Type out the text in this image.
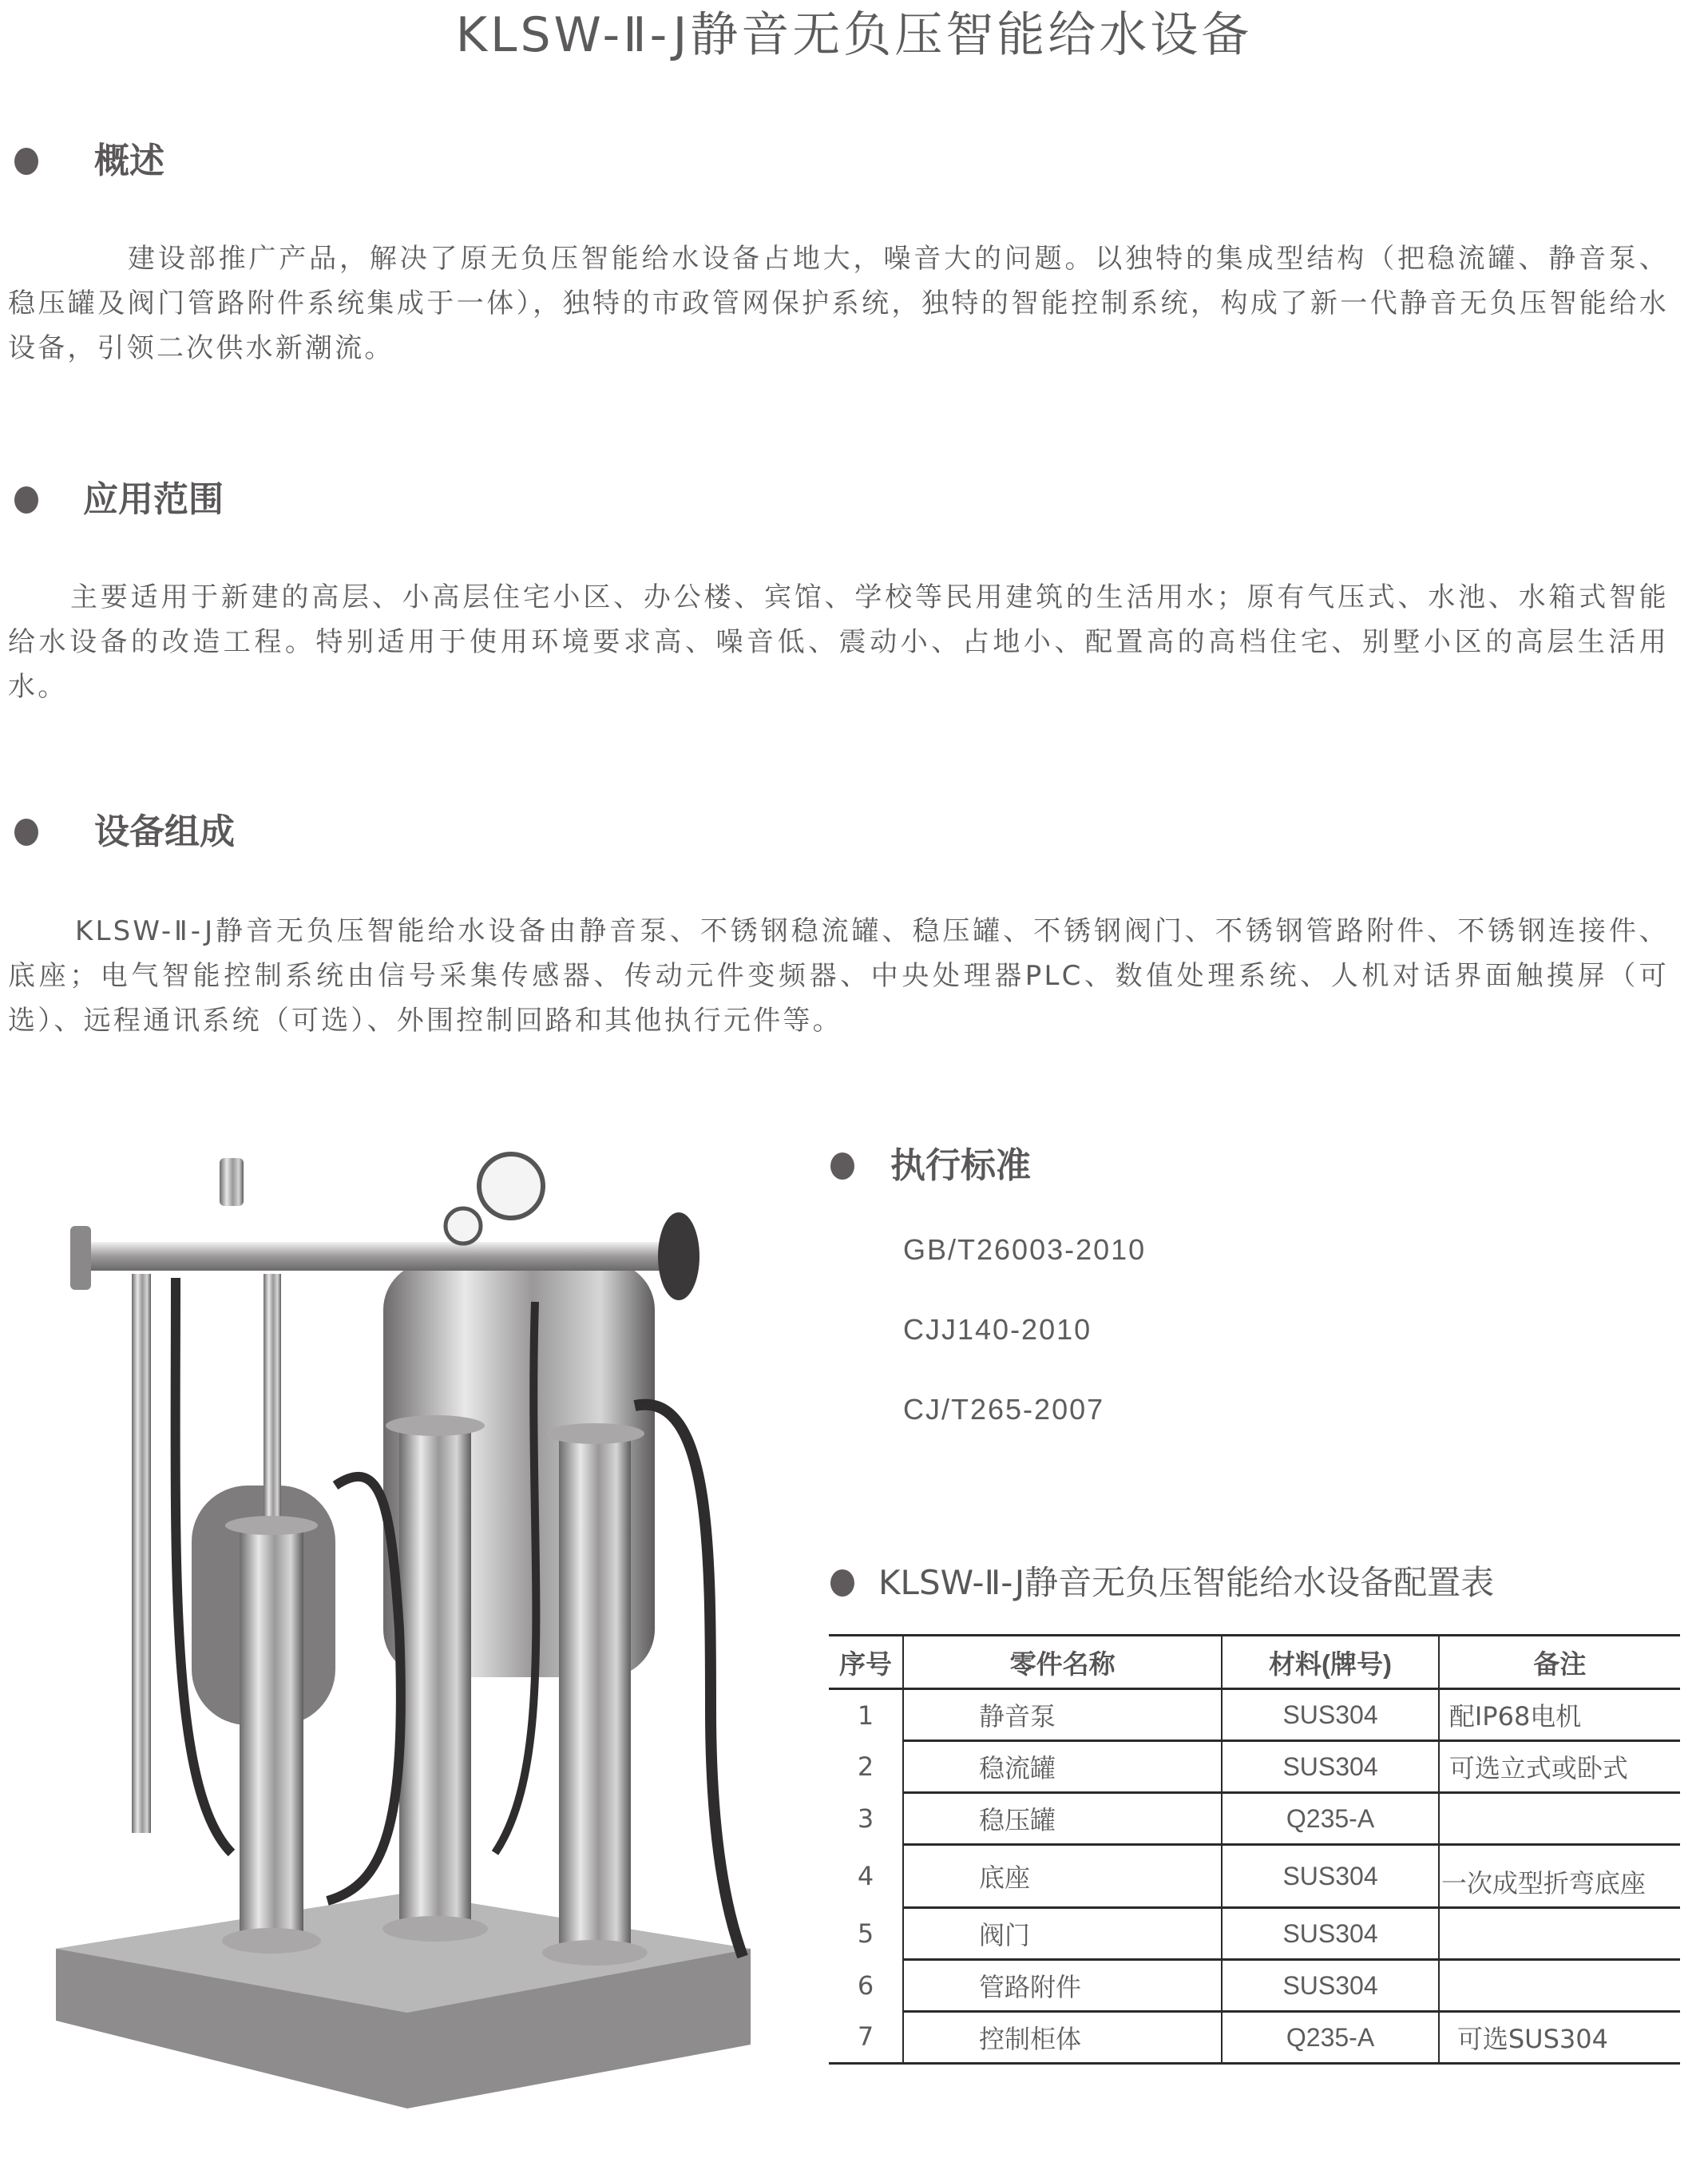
KLSW-Ⅱ-J静音无负压智能给水设备
概述
建设部推广产品，解决了原无负压智能给水设备占地大，噪音大的问题。以独特的集成型结构（把稳流罐、静音泵、稳压罐及阀门管路附件系统集成于一体），独特的市政管网保护系统，独特的智能控制系统，构成了新一代静音无负压智能给水设备，引领二次供水新潮流。
应用范围
主要适用于新建的高层、小高层住宅小区、办公楼、宾馆、学校等民用建筑的生活用水；原有气压式、水池、水箱式智能给水设备的改造工程。特别适用于使用环境要求高、噪音低、震动小、占地小、配置高的高档住宅、别墅小区的高层生活用水。
设备组成
KLSW-Ⅱ-J静音无负压智能给水设备由静音泵、不锈钢稳流罐、稳压罐、不锈钢阀门、不锈钢管路附件、不锈钢连接件、底座；电气智能控制系统由信号采集传感器、传动元件变频器、中央处理器PLC、数值处理系统、人机对话界面触摸屏（可选）、远程通讯系统（可选）、外围控制回路和其他执行元件等。
执行标准
GB/T26003-2010
CJJ140-2010
CJ/T265-2007
KLSW-Ⅱ-J静音无负压智能给水设备配置表
序号	零件名称	材料(牌号)	备注
1	静音泵	SUS304	配IP68电机
2	稳流罐	SUS304	可选立式或卧式
3	稳压罐	Q235-A	
4	底座	SUS304	一次成型折弯底座
5	阀门	SUS304	
6	管路附件	SUS304	
7	控制柜体	Q235-A	可选SUS304
